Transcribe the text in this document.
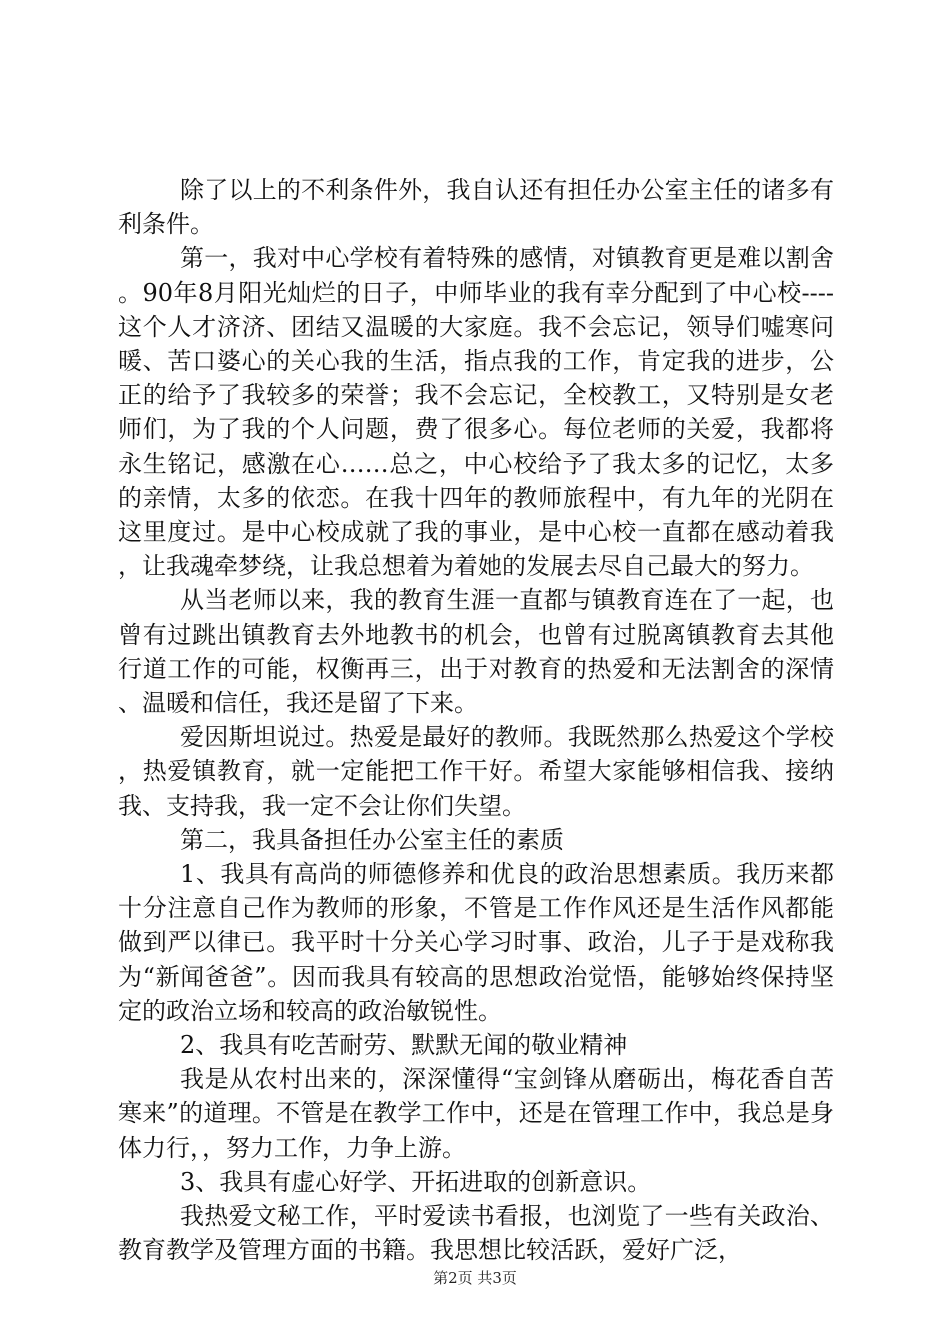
除了以上的不利条件外，我自认还有担任办公室主任的诸多有利条件。

第一，我对中心学校有着特殊的感情，对镇教育更是难以割舍。90年8月阳光灿烂的日子，中师毕业的我有幸分配到了中心校----这个人才济济、团结又温暖的大家庭。我不会忘记，领导们嘘寒问暖、苦口婆心的关心我的生活，指点我的工作，肯定我的进步，公正的给予了我较多的荣誉；我不会忘记，全校教工，又特别是女老师们，为了我的个人问题，费了很多心。每位老师的关爱，我都将永生铭记，感激在心……总之，中心校给予了我太多的记忆，太多的亲情，太多的依恋。在我十四年的教师旅程中，有九年的光阴在这里度过。是中心校成就了我的事业，是中心校一直都在感动着我，让我魂牵梦绕，让我总想着为着她的发展去尽自己最大的努力。

从当老师以来，我的教育生涯一直都与镇教育连在了一起，也曾有过跳出镇教育去外地教书的机会，也曾有过脱离镇教育去其他行道工作的可能，权衡再三，出于对教育的热爱和无法割舍的深情、温暖和信任，我还是留了下来。

爱因斯坦说过。热爱是最好的教师。我既然那么热爱这个学校，热爱镇教育，就一定能把工作干好。希望大家能够相信我、接纳我、支持我，我一定不会让你们失望。

第二，我具备担任办公室主任的素质

1、我具有高尚的师德修养和优良的政治思想素质。我历来都十分注意自己作为教师的形象，不管是工作作风还是生活作风都能做到严以律已。我平时十分关心学习时事、政治，儿子于是戏称我为“新闻爸爸”。因而我具有较高的思想政治觉悟，能够始终保持坚定的政治立场和较高的政治敏锐性。

2、我具有吃苦耐劳、默默无闻的敬业精神

我是从农村出来的，深深懂得“宝剑锋从磨砺出，梅花香自苦寒来”的道理。不管是在教学工作中，还是在管理工作中，我总是身体力行，，努力工作，力争上游。

3、我具有虚心好学、开拓进取的创新意识。

我热爱文秘工作，平时爱读书看报，也浏览了一些有关政治、教育教学及管理方面的书籍。我思想比较活跃，爱好广泛，

第2页 共3页
